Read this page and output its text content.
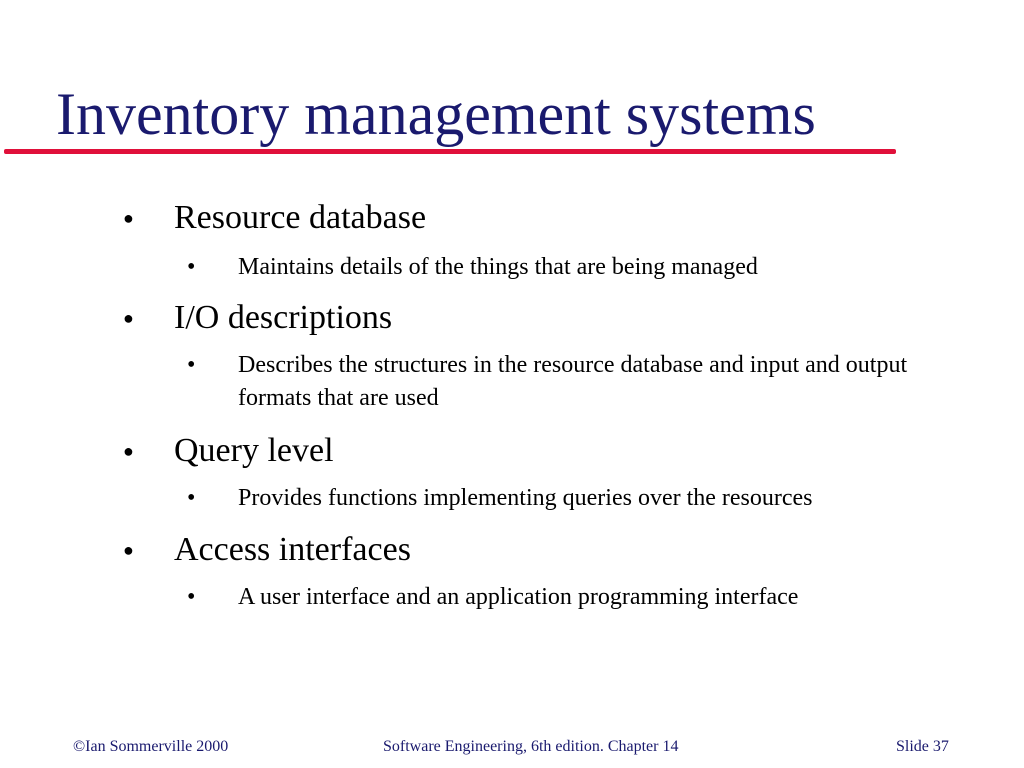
Inventory management systems
● Resource database
• Maintains details of the things that are being managed
● I/O descriptions
• Describes the structures in the resource database and input and output formats that are used
● Query level
• Provides functions implementing queries over the resources
● Access interfaces
• A user interface and an application programming interface
©Ian Sommerville 2000	Software Engineering, 6th edition. Chapter 14	Slide 37
